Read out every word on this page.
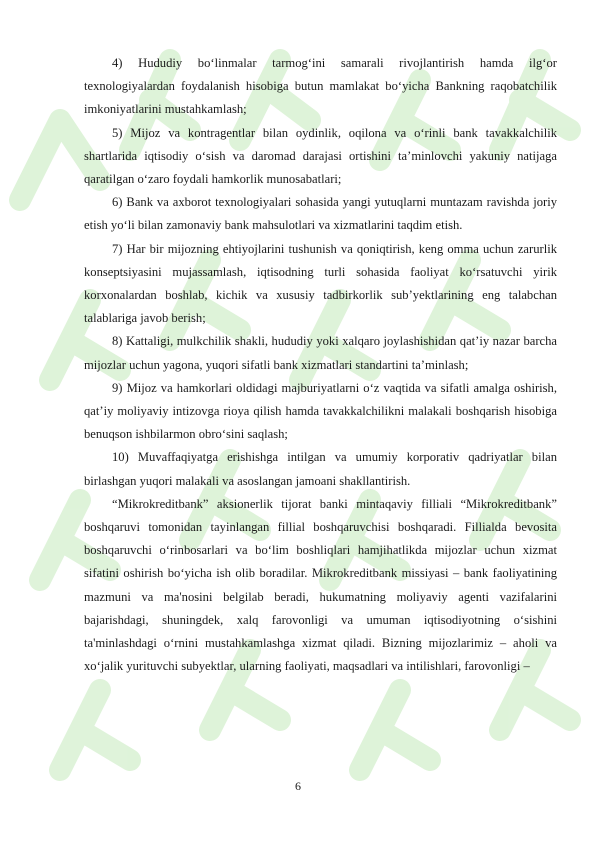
4) Hududiy bo‘linmalar tarmog‘ini samarali rivojlantirish hamda ilg‘or texnologiyalardan foydalanish hisobiga butun mamlakat bo‘yicha Bankning raqobatchilik imkoniyatlarini mustahkamlash;

5) Mijoz va kontragentlar bilan oydinlik, oqilona va o‘rinli bank tavakkalchilik shartlarida iqtisodiy o‘sish va daromad darajasi ortishini ta’minlovchi yakuniy natijaga qaratilgan o‘zaro foydali hamkorlik munosabatlari;

6) Bank va axborot texnologiyalari sohasida yangi yutuqlarni muntazam ravishda joriy etish yo‘li bilan zamonaviy bank mahsulotlari va xizmatlarini taqdim etish.

7) Har bir mijozning ehtiyojlarini tushunish va qoniqtirish, keng omma uchun zarurlik konseptsiyasini mujassamlash, iqtisodning turli sohasida faoliyat ko‘rsatuvchi yirik korxonalardan boshlab, kichik va xususiy tadbirkorlik sub’yektlarining eng talabchan talablariga javob berish;

8) Kattaligi, mulkchilik shakli, hududiy yoki xalqaro joylashishidan qat’iy nazar barcha mijozlar uchun yagona, yuqori sifatli bank xizmatlari standartini ta’minlash;

9) Mijoz va hamkorlari oldidagi majburiyatlarni o‘z vaqtida va sifatli amalga oshirish, qat’iy moliyaviy intizovga rioya qilish hamda tavakkalchilikni malakali boshqarish hisobiga benuqson ishbilarmon obro‘sini saqlash;

10) Muvaffaqiyatga erishishga intilgan va umumiy korporativ qadriyatlar bilan birlashgan yuqori malakali va asoslangan jamoani shakllantirish.

“Mikrokreditbank” aksionerlik tijorat banki mintaqaviy filliali “Mikrokreditbank” boshqaruvi tomonidan tayinlangan fillial boshqaruvchisi boshqaradi. Fillialda bevosita boshqaruvchi o‘rinbosarlari va bo‘lim boshliqlari hamjihatlikda mijozlar uchun xizmat sifatini oshirish bo‘yicha ish olib boradilar. Mikrokreditbank missiyasi – bank faoliyatining mazmuni va ma'nosini belgilab beradi, hukumatning moliyaviy agenti vazifalarini bajarishdagi, shuningdek, xalq farovonligi va umuman iqtisodiyotning o‘sishini ta'minlashdagi o‘rnini mustahkamlashga xizmat qiladi. Bizning mijozlarimiz – aholi va xo‘jalik yurituvchi subyektlar, ularning faoliyati, maqsadlari va intilishlari, farovonligi –

6
